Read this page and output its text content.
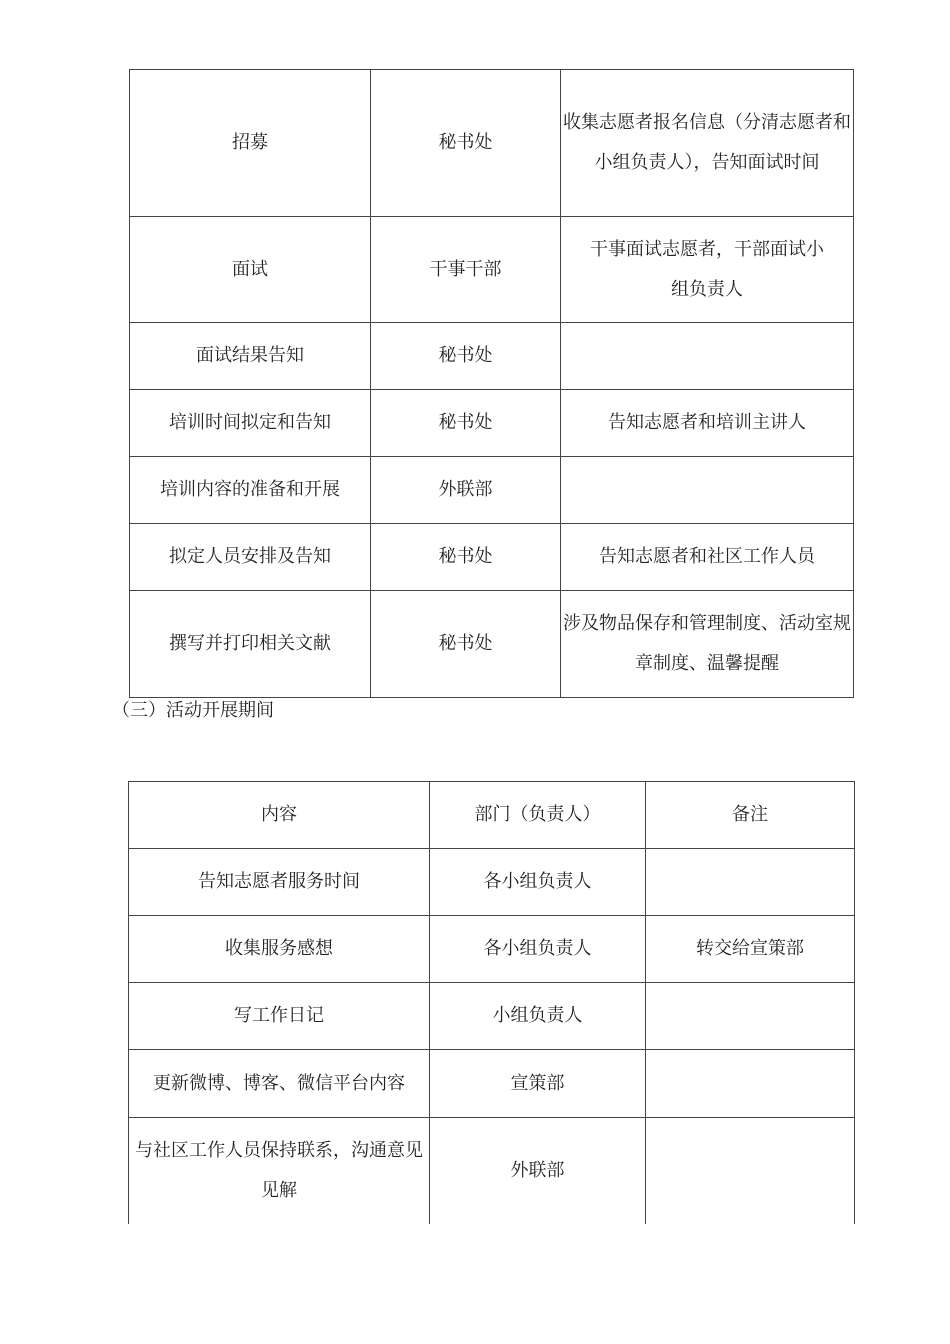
招募	秘书处	收集志愿者报名信息（分清志愿者和小组负责人），告知面试时间
面试	干事干部	干事面试志愿者，干部面试小组负责人
面试结果告知	秘书处	
培训时间拟定和告知	秘书处	告知志愿者和培训主讲人
培训内容的准备和开展	外联部	
拟定人员安排及告知	秘书处	告知志愿者和社区工作人员
撰写并打印相关文献	秘书处	涉及物品保存和管理制度、活动室规章制度、温馨提醒
（三）活动开展期间
内容	部门（负责人）	备注
告知志愿者服务时间	各小组负责人	
收集服务感想	各小组负责人	转交给宣策部
写工作日记	小组负责人	
更新微博、博客、微信平台内容	宣策部	
与社区工作人员保持联系，沟通意见见解	外联部	
